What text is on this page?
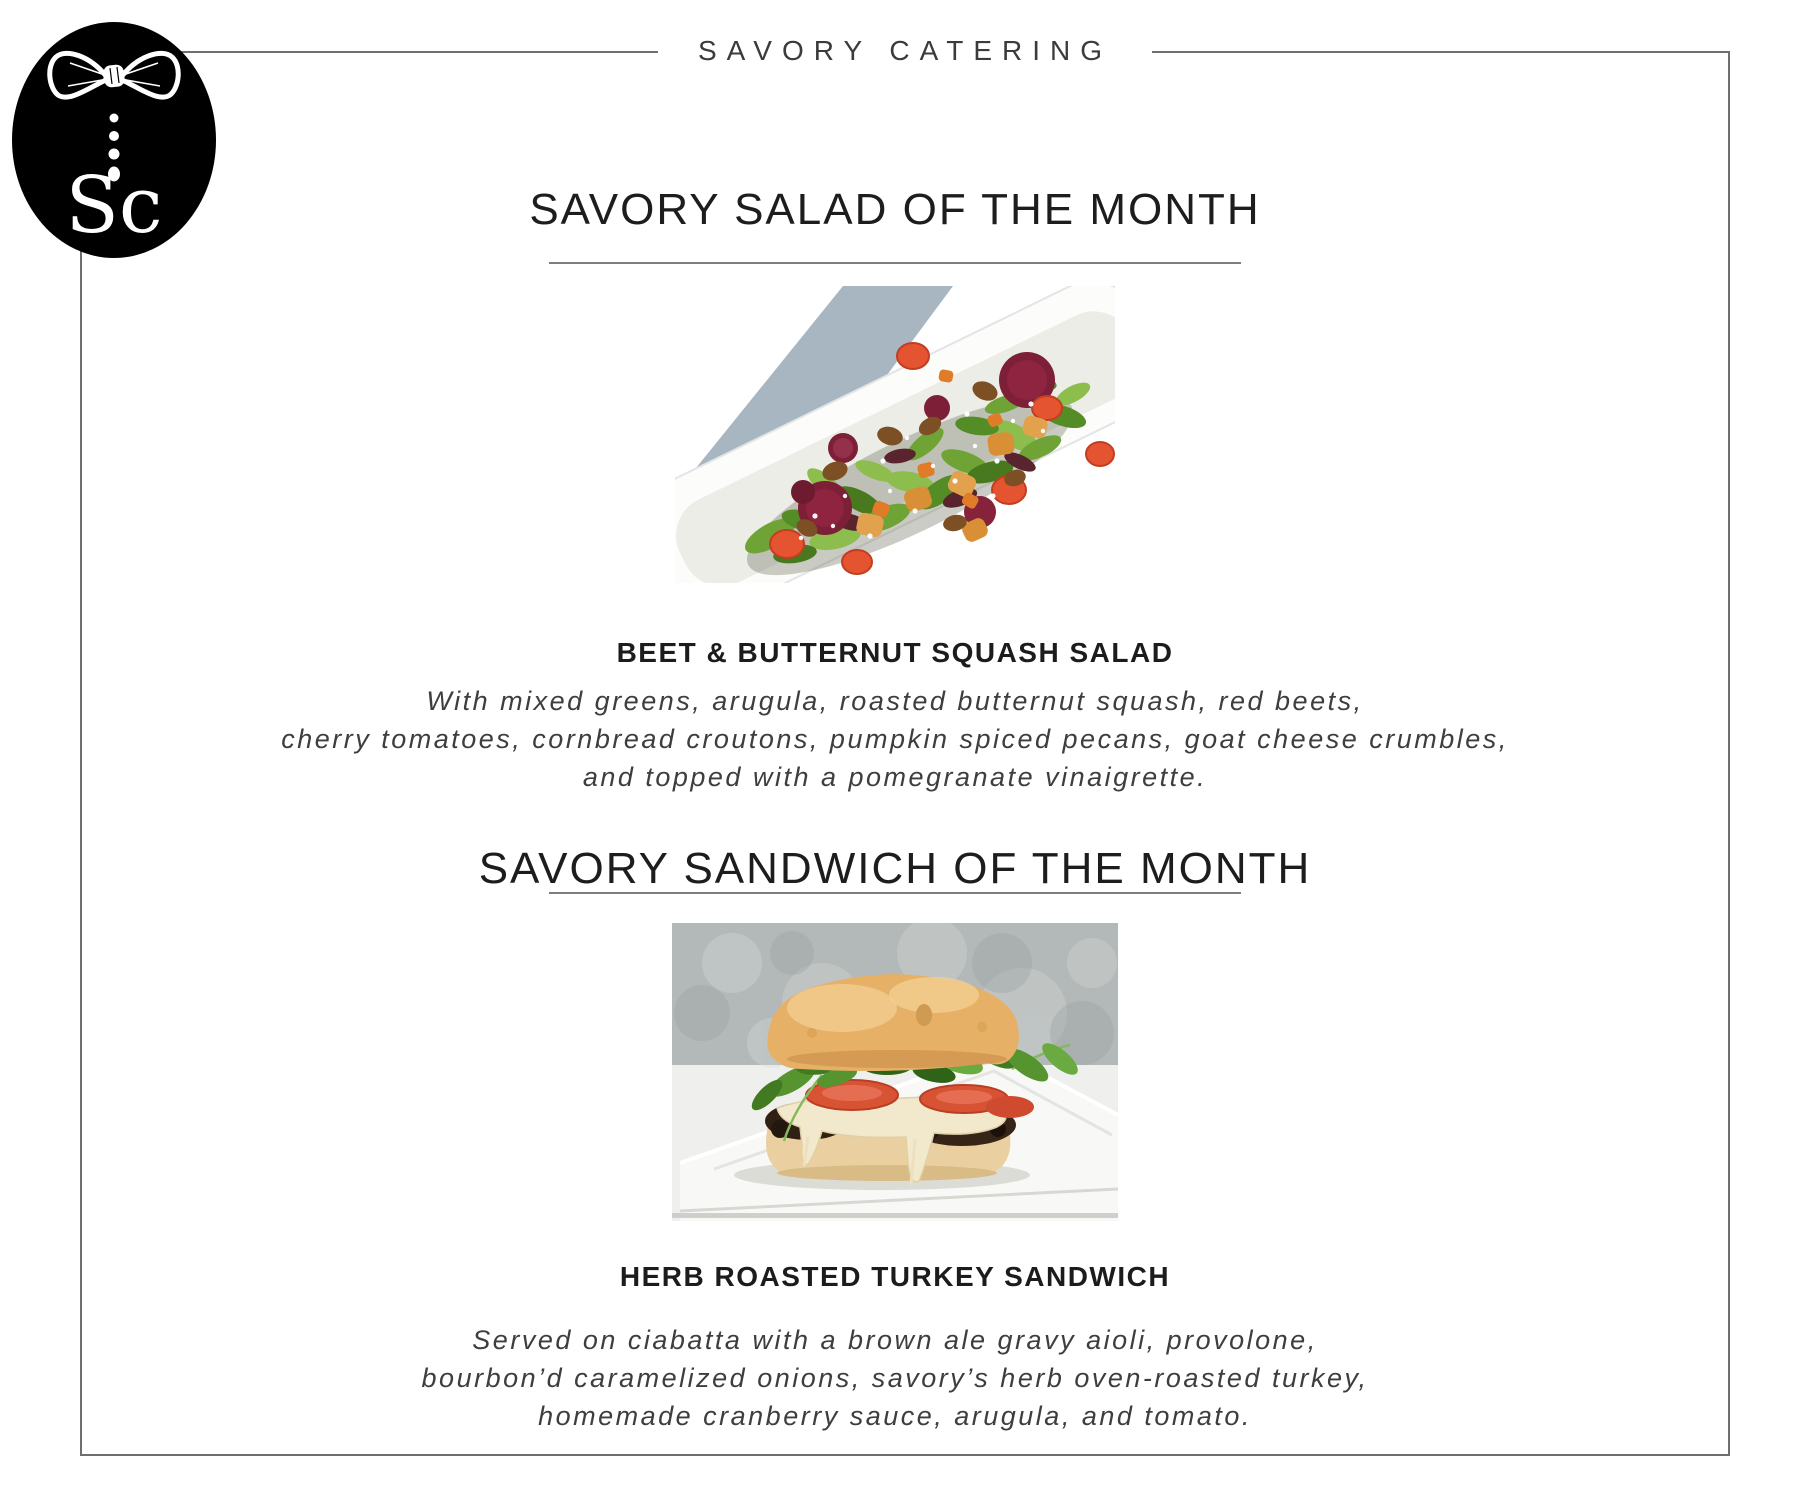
SAVORY CATERING
Sc	SAVORY SALAD OF THE MONTH
BEET & BUTTERNUT SQUASH SALAD
With mixed greens, arugula, roasted butternut squash, red beets,
cherry tomatoes, cornbread croutons, pumpkin spiced pecans, goat cheese crumbles,
and topped with a pomegranate vinaigrette.
SAVORY SANDWICH OF THE MONTH
HERB ROASTED TURKEY SANDWICH
Served on ciabatta with a brown ale gravy aioli, provolone,
bourbon’d caramelized onions, savory’s herb oven-roasted turkey,
homemade cranberry sauce, arugula, and tomato.
